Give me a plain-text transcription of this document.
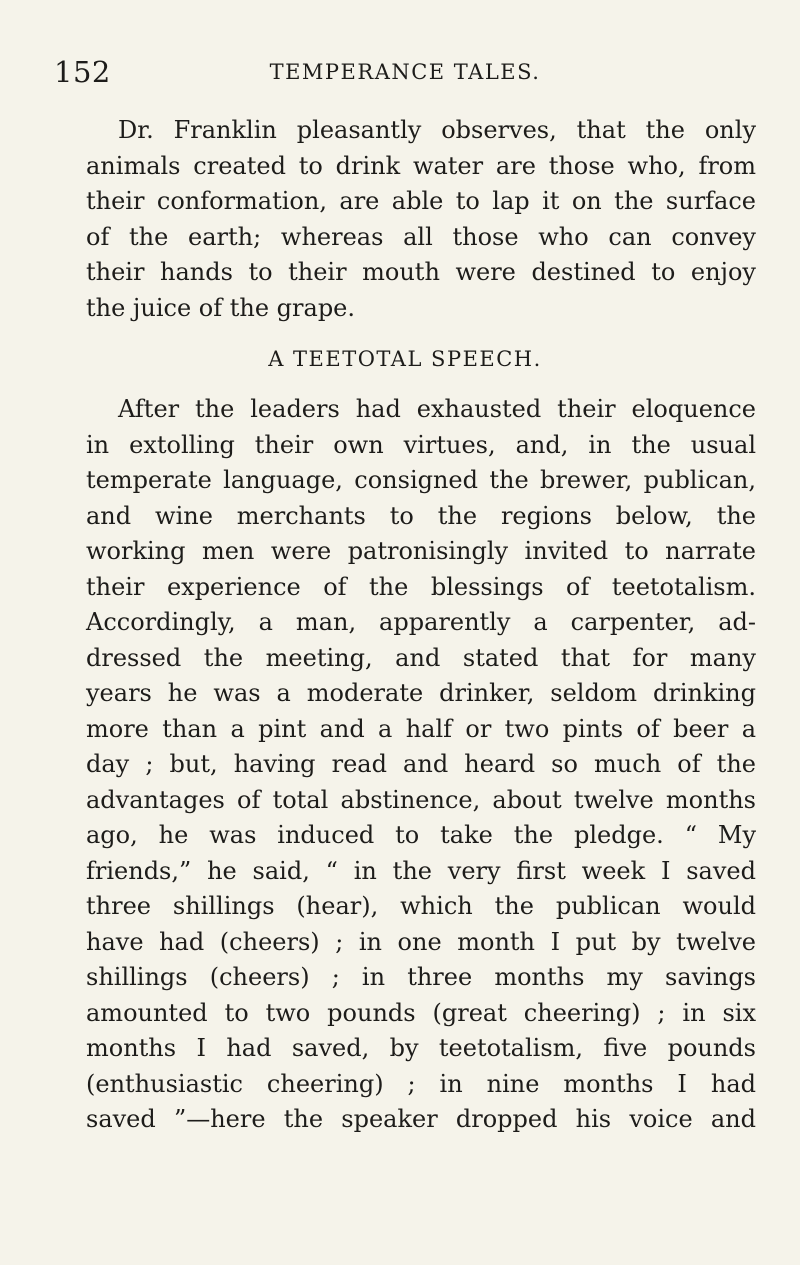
152	TEMPERANCE TALES.
Dr. Franklin pleasantly observes, that the only
animals created to drink water are those who, from
their conformation, are able to lap it on the surface
of the earth; whereas all those who can convey
their hands to their mouth were destined to enjoy
the juice of the grape.
A TEETOTAL SPEECH.
After the leaders had exhausted their eloquence
in extolling their own virtues, and, in the usual
temperate language, consigned the brewer, publican,
and wine merchants to the regions below, the
working men were patronisingly invited to narrate
their experience of the blessings of teetotalism.
Accordingly, a man, apparently a carpenter, ad-
dressed the meeting, and stated that for many
years he was a moderate drinker, seldom drinking
more than a pint and a half or two pints of beer a
day ; but, having read and heard so much of the
advantages of total abstinence, about twelve months
ago, he was induced to take the pledge. “ My
friends,” he said, “ in the very first week I saved
three shillings (hear), which the publican would
have had (cheers) ; in one month I put by twelve
shillings (cheers) ; in three months my savings
amounted to two pounds (great cheering) ; in six
months I had saved, by teetotalism, five pounds
(enthusiastic cheering) ; in nine months I had
saved ”—here the speaker dropped his voice and
